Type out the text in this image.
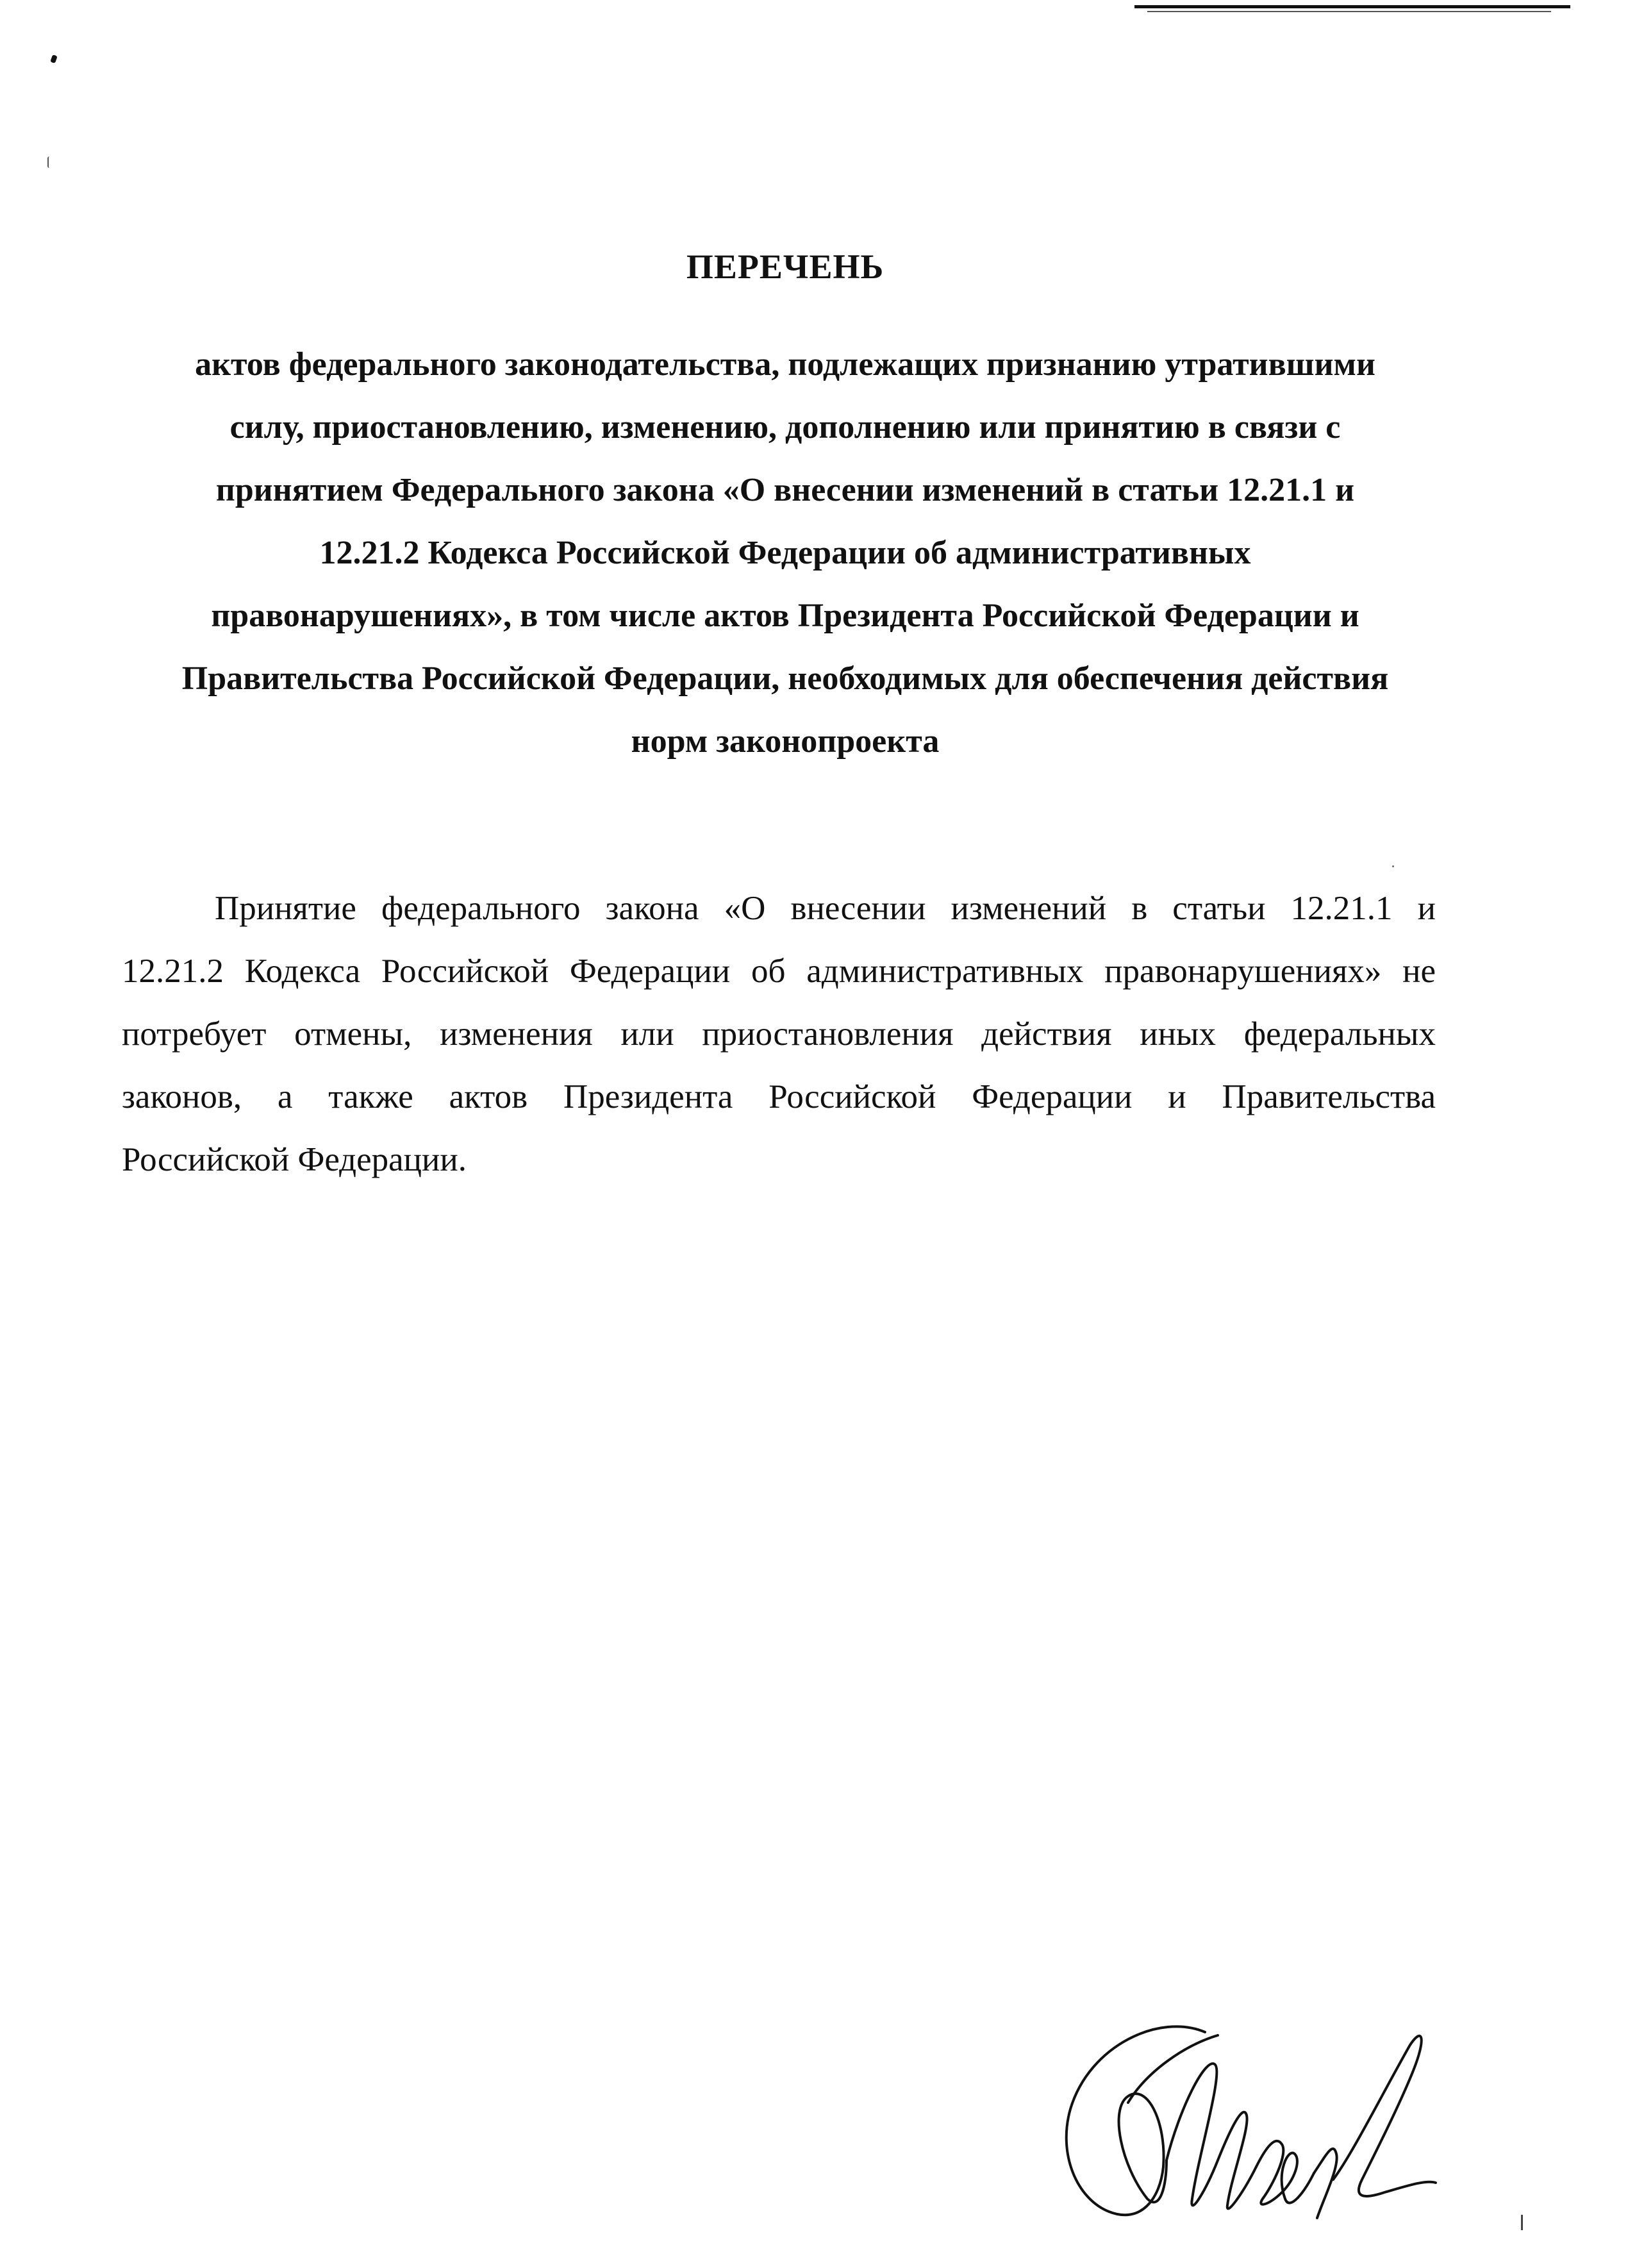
ПЕРЕЧЕНЬ
актов федерального законодательства, подлежащих признанию утратившими
силу, приостановлению, изменению, дополнению или принятию в связи с
принятием Федерального закона «О внесении изменений в статьи 12.21.1 и
12.21.2 Кодекса Российской Федерации об административных
правонарушениях», в том числе актов Президента Российской Федерации и
Правительства Российской Федерации, необходимых для обеспечения действия
норм законопроекта
Принятие федерального закона «О внесении изменений в статьи 12.21.1 и
12.21.2 Кодекса Российской Федерации об административных правонарушениях» не
потребует отмены, изменения или приостановления действия иных федеральных
законов, а также актов Президента Российской Федерации и Правительства
Российской Федерации.
